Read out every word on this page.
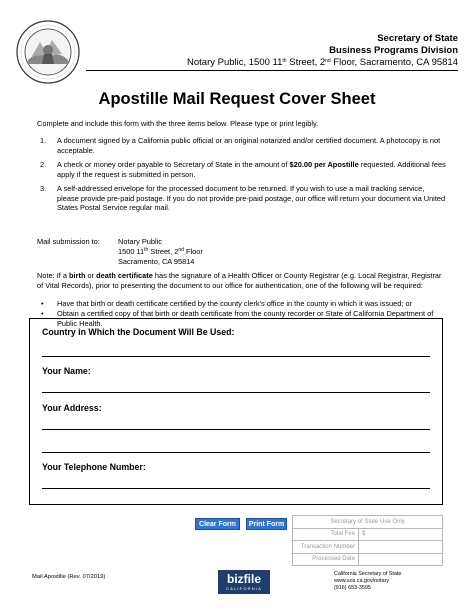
Secretary of State
Business Programs Division
Notary Public, 1500 11th Street, 2nd Floor, Sacramento, CA 95814
Apostille Mail Request Cover Sheet
Complete and include this form with the three items below. Please type or print legibly.
1. A document signed by a California public official or an original notarized and/or certified document. A photocopy is not acceptable.
2. A check or money order payable to Secretary of State in the amount of $20.00 per Apostille requested. Additional fees apply if the request is submitted in person.
3. A self-addressed envelope for the processed document to be returned. If you wish to use a mail tracking service, please provide pre-paid postage. If you do not provide pre-paid postage, our office will return your document via United States Postal Service regular mail.
Mail submission to: Notary Public
1500 11th Street, 2nd Floor
Sacramento, CA 95814
Note: If a birth or death certificate has the signature of a Health Officer or County Registrar (e.g. Local Registrar, Registrar of Vital Records), prior to presenting the document to our office for authentication, one of the following will be required:
• Have that birth or death certificate certified by the county clerk’s office in the county in which it was issued; or
• Obtain a certified copy of that birth or death certificate from the county recorder or State of California Department of Public Health.
Country in Which the Document Will Be Used:
Your Name:
Your Address:
Your Telephone Number:
Clear Form	Print Form	Secretary of State Use Only	
Total Fee	$
Transaction Number	
Processed Date	
Mail Apostille (Rev. 07/2019)	bizfile
CALIFORNIA
California Secretary of State
www.sos.ca.gov/notary
(916) 653-3595
